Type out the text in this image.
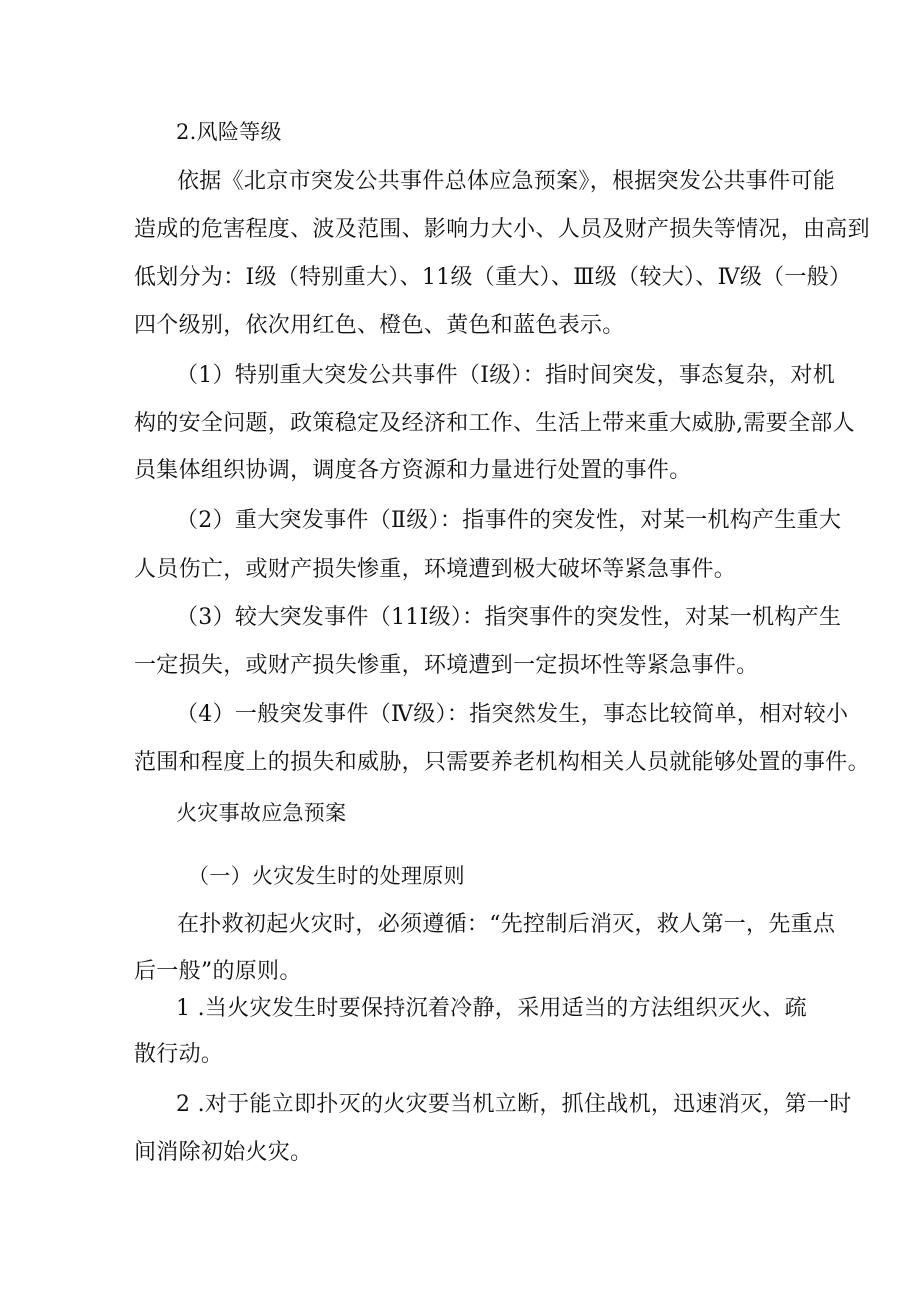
2.风险等级
依据《北京市突发公共事件总体应急预案》，根据突发公共事件可能
造成的危害程度、波及范围、影响力大小、人员及财产损失等情况，由高到
低划分为：I级（特别重大）、11级（重大）、Ⅲ级（较大）、Ⅳ级（一般）
四个级别，依次用红色、橙色、黄色和蓝色表示。
（1）特别重大突发公共事件（I级）：指时间突发，事态复杂，对机
构的安全问题，政策稳定及经济和工作、生活上带来重大威胁,需要全部人
员集体组织协调，调度各方资源和力量进行处置的事件。
（2）重大突发事件（Ⅱ级）：指事件的突发性，对某一机构产生重大
人员伤亡，或财产损失惨重，环境遭到极大破坏等紧急事件。
（3）较大突发事件（11I级）：指突事件的突发性，对某一机构产生
一定损失，或财产损失惨重，环境遭到一定损坏性等紧急事件。
（4）一般突发事件（Ⅳ级）：指突然发生，事态比较简单，相对较小
范围和程度上的损失和威胁，只需要养老机构相关人员就能够处置的事件。
火灾事故应急预案
（一）火灾发生时的处理原则
在扑救初起火灾时，必须遵循：“先控制后消灭，救人第一，先重点
后一般”的原则。
1 .当火灾发生时要保持沉着冷静，采用适当的方法组织灭火、疏
散行动。
2 .对于能立即扑灭的火灾要当机立断，抓住战机，迅速消灭，第一时
间消除初始火灾。
